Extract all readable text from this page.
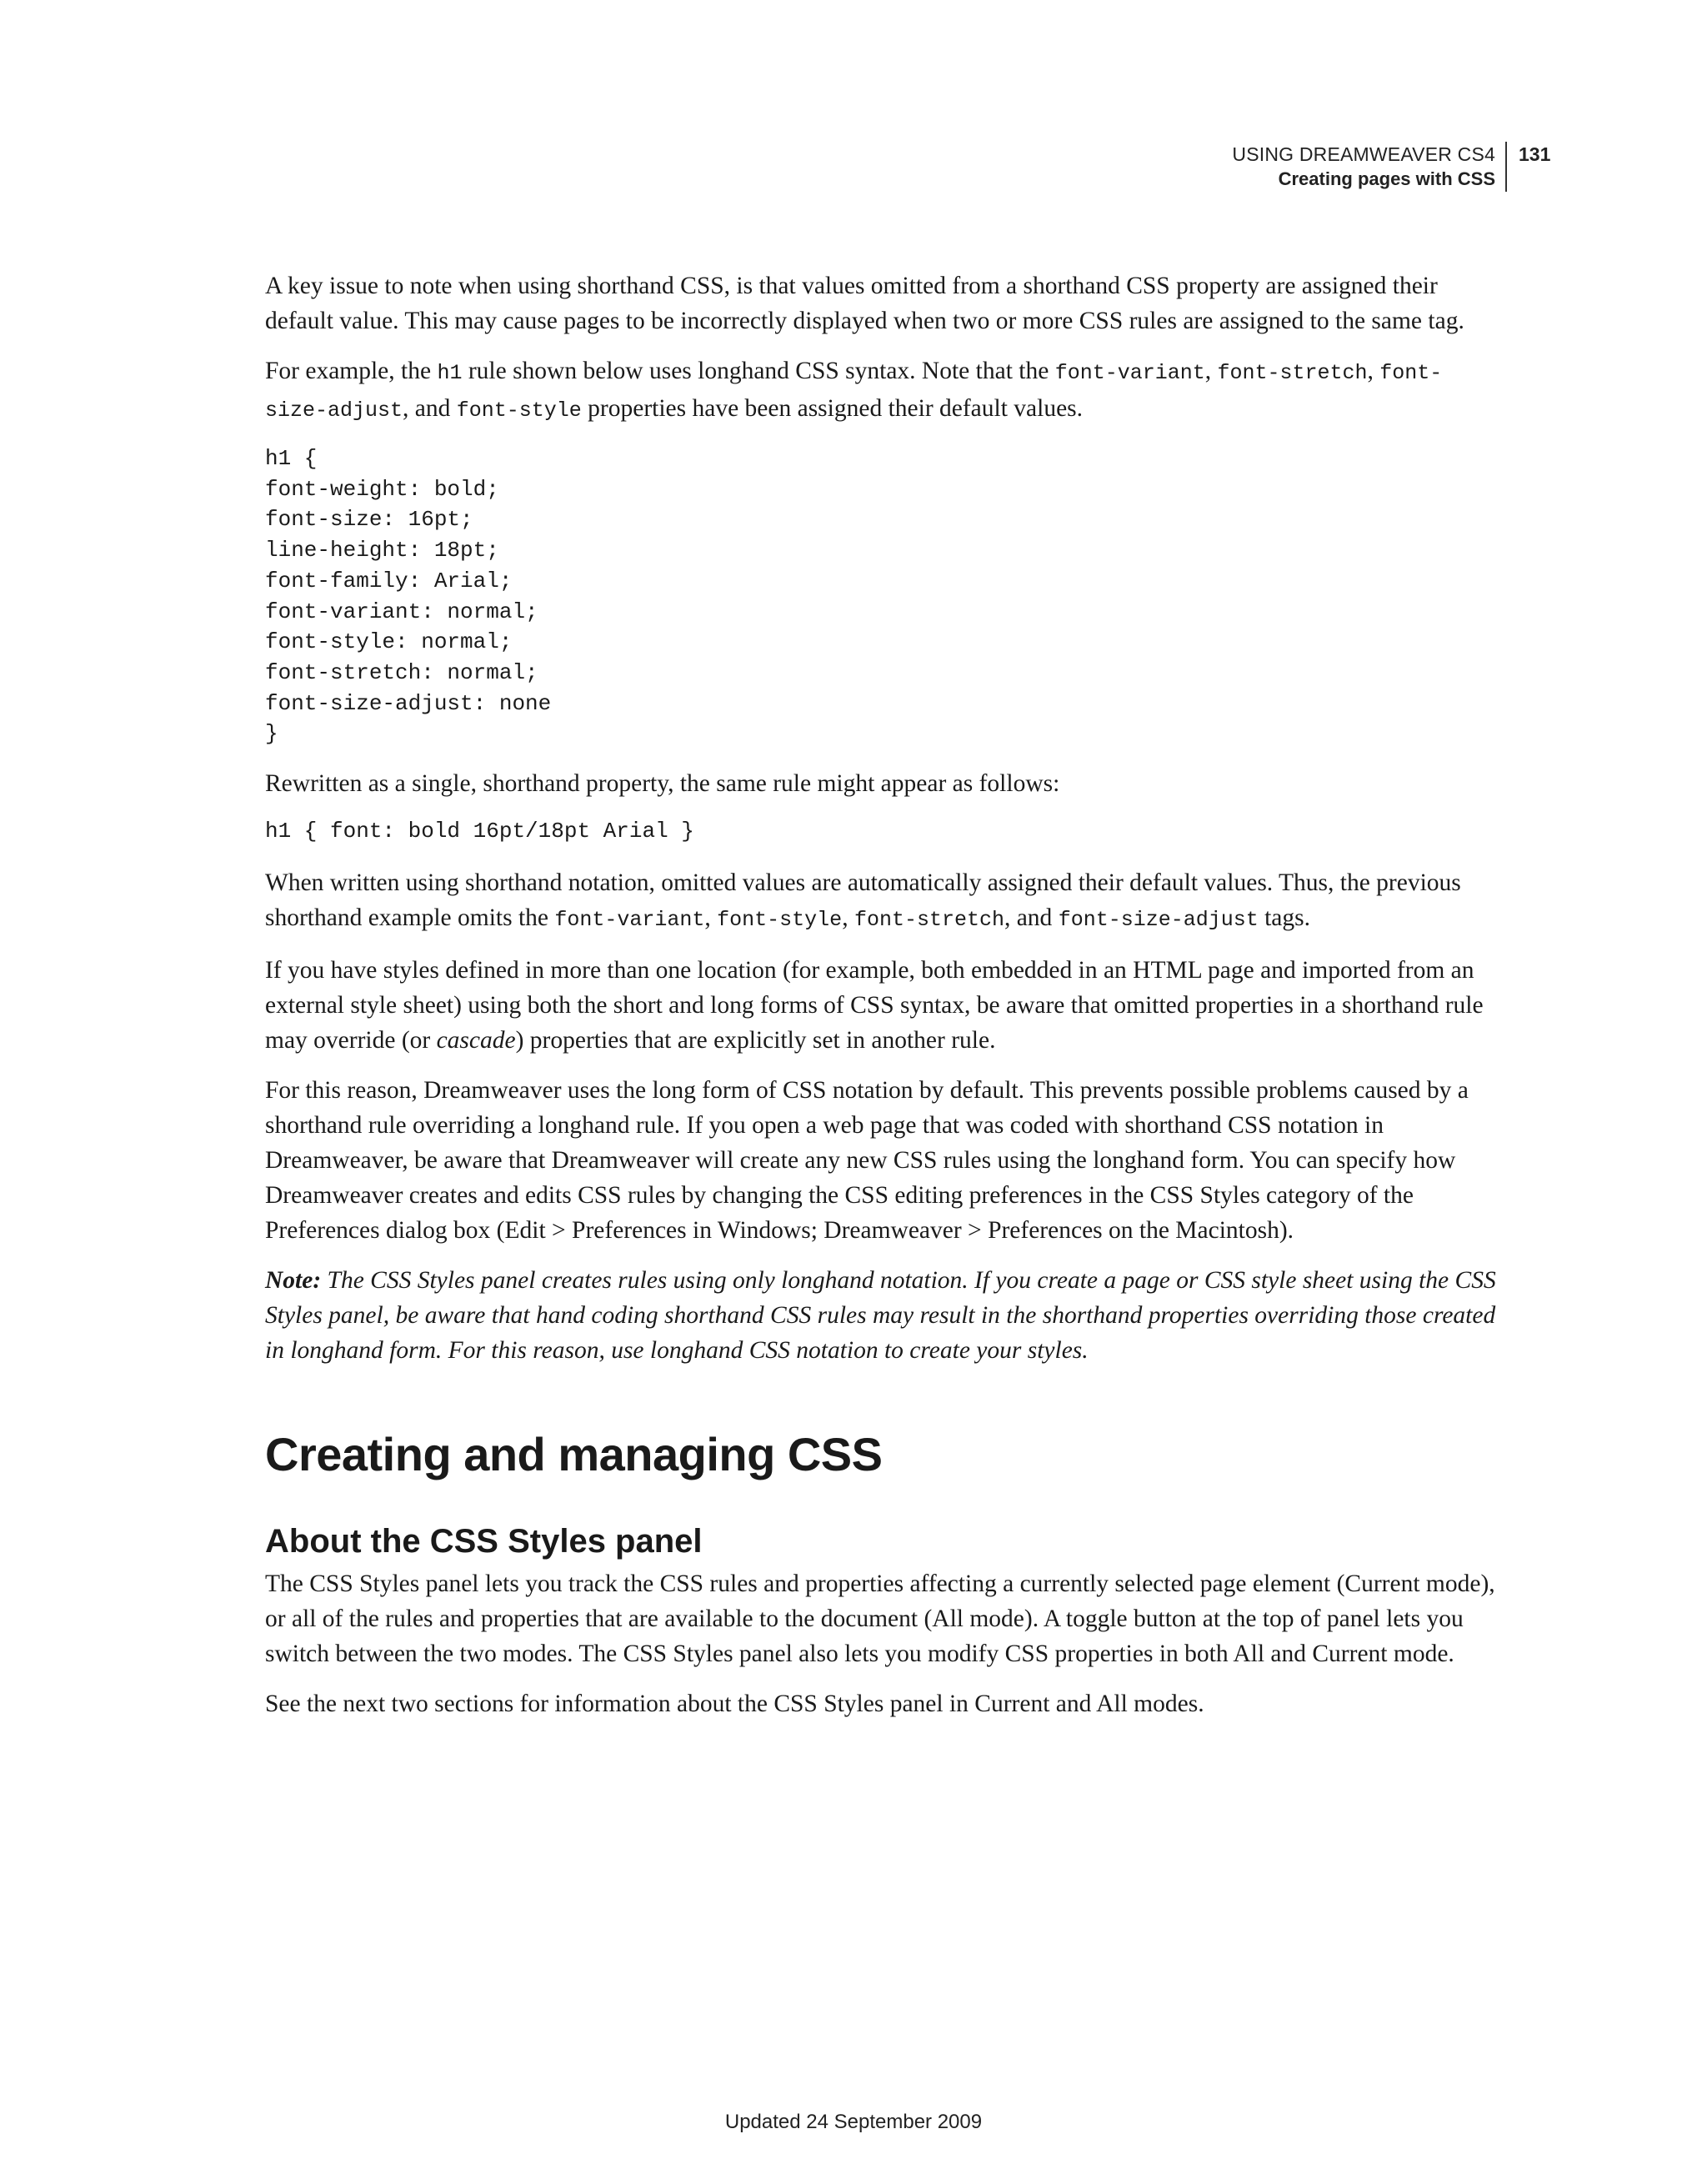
USING DREAMWEAVER CS4
Creating pages with CSS
131

A key issue to note when using shorthand CSS, is that values omitted from a shorthand CSS property are assigned their default value. This may cause pages to be incorrectly displayed when two or more CSS rules are assigned to the same tag.

For example, the h1 rule shown below uses longhand CSS syntax. Note that the font-variant, font-stretch, font-size-adjust, and font-style properties have been assigned their default values.

h1 {
font-weight: bold;
font-size: 16pt;
line-height: 18pt;
font-family: Arial;
font-variant: normal;
font-style: normal;
font-stretch: normal;
font-size-adjust: none
}

Rewritten as a single, shorthand property, the same rule might appear as follows:

h1 { font: bold 16pt/18pt Arial }

When written using shorthand notation, omitted values are automatically assigned their default values. Thus, the previous shorthand example omits the font-variant, font-style, font-stretch, and font-size-adjust tags.

If you have styles defined in more than one location (for example, both embedded in an HTML page and imported from an external style sheet) using both the short and long forms of CSS syntax, be aware that omitted properties in a shorthand rule may override (or cascade) properties that are explicitly set in another rule.

For this reason, Dreamweaver uses the long form of CSS notation by default. This prevents possible problems caused by a shorthand rule overriding a longhand rule. If you open a web page that was coded with shorthand CSS notation in Dreamweaver, be aware that Dreamweaver will create any new CSS rules using the longhand form. You can specify how Dreamweaver creates and edits CSS rules by changing the CSS editing preferences in the CSS Styles category of the Preferences dialog box (Edit > Preferences in Windows; Dreamweaver > Preferences on the Macintosh).

Note: The CSS Styles panel creates rules using only longhand notation. If you create a page or CSS style sheet using the CSS Styles panel, be aware that hand coding shorthand CSS rules may result in the shorthand properties overriding those created in longhand form. For this reason, use longhand CSS notation to create your styles.

Creating and managing CSS
About the CSS Styles panel

The CSS Styles panel lets you track the CSS rules and properties affecting a currently selected page element (Current mode), or all of the rules and properties that are available to the document (All mode). A toggle button at the top of panel lets you switch between the two modes. The CSS Styles panel also lets you modify CSS properties in both All and Current mode.

See the next two sections for information about the CSS Styles panel in Current and All modes.

Updated 24 September 2009
